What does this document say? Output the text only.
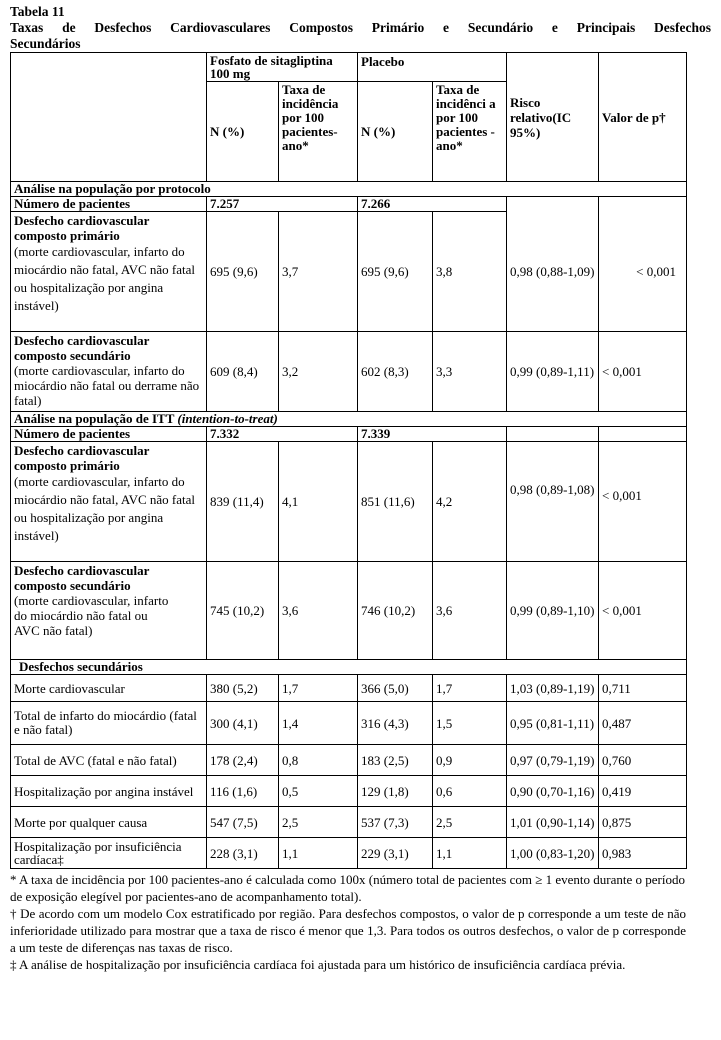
Tabela 11
Taxas de Desfechos Cardiovasculares Compostos Primário e Secundário e Principais Desfechos
Secundários
	Fosfato de sitagliptina 100 mg		Placebo		Risco relativo(IC 95%)	Valor de p†
	N (%)	Taxa de incidência por 100 pacientes-ano*	N (%)	Taxa de incidênci a por 100 pacientes - ano*		
Análise na população por protocolo						
Número de pacientes	7.257		7.266			

Desfecho cardiovascular composto primário
(morte cardiovascular, infarto do miocárdio não fatal, AVC não fatal ou hospitalização por angina instável)	695 (9,6)	3,7	695 (9,6)	3,8	0,98 (0,88-1,09)	< 0,001

Desfecho cardiovascular composto secundário
(morte cardiovascular, infarto do miocárdio não fatal ou derrame não fatal)	609 (8,4)	3,2	602 (8,3)	3,3	0,99 (0,89-1,11)	< 0,001
Análise na população de ITT (intention-to-treat)						
Número de pacientes	7.332		7.339			

Desfecho cardiovascular composto primário
(morte cardiovascular, infarto do miocárdio não fatal, AVC não fatal ou hospitalização por angina instável)	839 (11,4)	4,1	851 (11,6)	4,2	0,98 (0,89-1,08)	< 0,001

Desfecho cardiovascular composto secundário
(morte cardiovascular, infarto do miocárdio não fatal ou AVC não fatal)	745 (10,2)	3,6	746 (10,2)	3,6	0,99 (0,89-1,10)	< 0,001
Desfechos secundários						
Morte cardiovascular	380 (5,2)	1,7	366 (5,0)	1,7	1,03 (0,89-1,19)	0,711
Total de infarto do miocárdio (fatal e não fatal)	300 (4,1)	1,4	316 (4,3)	1,5	0,95 (0,81-1,11)	0,487
Total de AVC (fatal e não fatal)	178 (2,4)	0,8	183 (2,5)	0,9	0,97 (0,79-1,19)	0,760
Hospitalização por angina instável	116 (1,6)	0,5	129 (1,8)	0,6	0,90 (0,70-1,16)	0,419
Morte por qualquer causa	547 (7,5)	2,5	537 (7,3)	2,5	1,01 (0,90-1,14)	0,875
Hospitalização por insuficiência cardíaca‡	228 (3,1)	1,1	229 (3,1)	1,1	1,00 (0,83-1,20)	0,983

* A taxa de incidência por 100 pacientes-ano é calculada como 100x (número total de pacientes com ≥ 1 evento durante o período

de exposição elegível por pacientes-ano de acompanhamento total).

† De acordo com um modelo Cox estratificado por região. Para desfechos compostos, o valor de p corresponde a um teste de não inferioridade utilizado para mostrar que a taxa de risco é menor que 1,3. Para todos os outros desfechos, o valor de p corresponde a um teste de diferenças nas taxas de risco.

‡ A análise de hospitalização por insuficiência cardíaca foi ajustada para um histórico de insuficiência cardíaca prévia.
